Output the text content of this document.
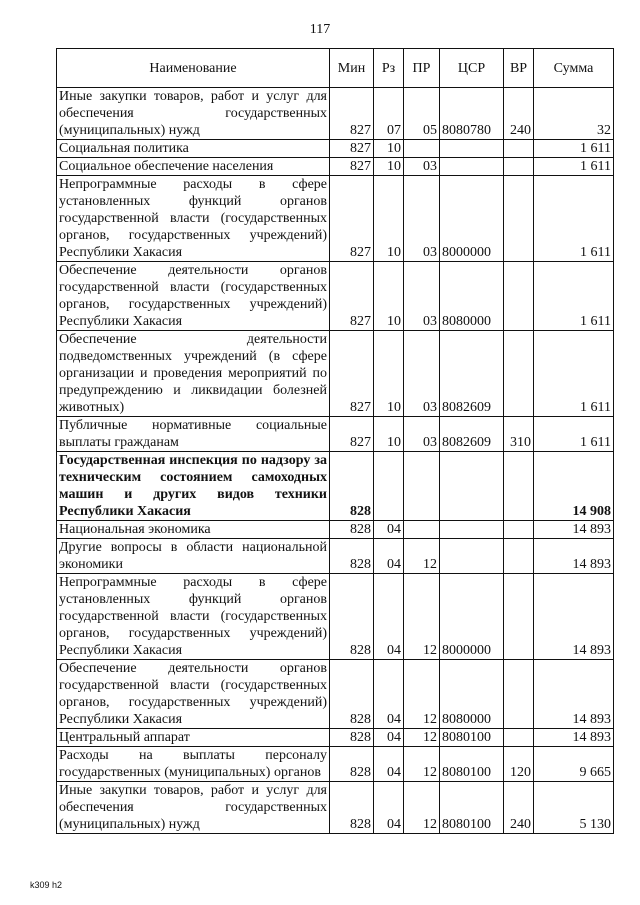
117
Наименование	Мин	Рз	ПР	ЦСР	ВР	Сумма
Иные закупки товаров, работ и услуг для обеспечения государственных (муниципальных) нужд	827	07	05	8080780	240	32
Социальная политика	827	10				1 611
Социальное обеспечение населения	827	10	03			1 611
Непрограммные расходы в сфере установленных функций органов государственной власти (государственных органов, государственных учреждений) Республики Хакасия	827	10	03	8000000		1 611
Обеспечение деятельности органов государственной власти (государственных органов, государственных учреждений) Республики Хакасия	827	10	03	8080000		1 611
Обеспечение деятельности подведомственных учреждений (в сфере организации и проведения мероприятий по предупреждению и ликвидации болезней животных)	827	10	03	8082609		1 611
Публичные нормативные социальные выплаты гражданам	827	10	03	8082609	310	1 611
Государственная инспекция по надзору за техническим состоянием самоходных машин и других видов техники Республики Хакасия	828					14 908
Национальная экономика	828	04				14 893
Другие вопросы в области национальной экономики	828	04	12			14 893
Непрограммные расходы в сфере установленных функций органов государственной власти (государственных органов, государственных учреждений) Республики Хакасия	828	04	12	8000000		14 893
Обеспечение деятельности органов государственной власти (государственных органов, государственных учреждений) Республики Хакасия	828	04	12	8080000		14 893
Центральный аппарат	828	04	12	8080100		14 893
Расходы на выплаты персоналу государственных (муниципальных) органов	828	04	12	8080100	120	9 665
Иные закупки товаров, работ и услуг для обеспечения государственных (муниципальных) нужд	828	04	12	8080100	240	5 130
k309 h2
